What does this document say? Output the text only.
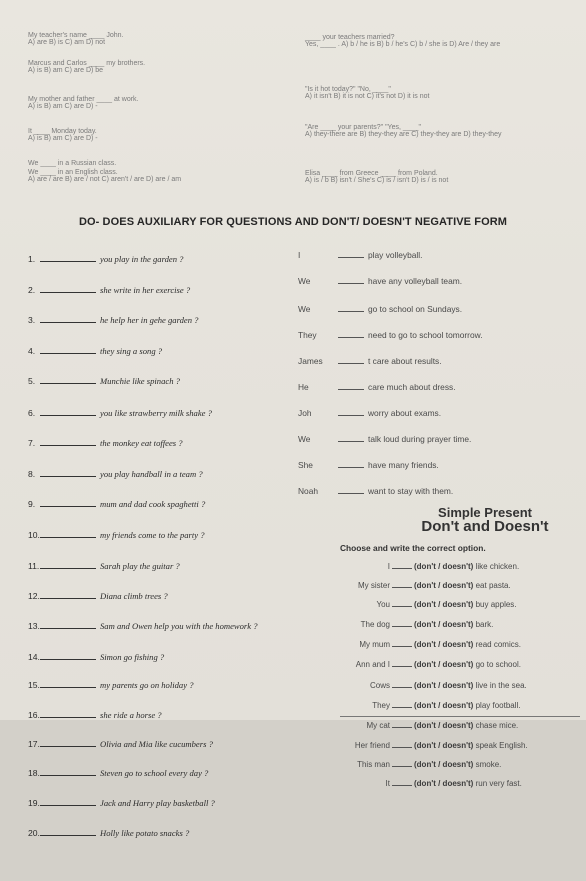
My teacher's name ____ John.
A) are B) is C) am D) not
Marcus and Carlos ____ my brothers.
A) is B) am C) are D) be
My mother and father ____ at work.
A) is B) am C) are D) -
It ____ Monday today.
A) is B) am C) are D) -
We ____ in a Russian class.
We ____ in an English class.
A) are / are B) are / not C) aren't / are D) are / am
____ your teachers married?
Yes, ____ . A) b / he is B) b / he's C) b / she is D) Are / they are
"Is it hot today?" "No, ____"
A) it isn't B) it is not C) it's not D) it is not
"Are ____ your parents?" "Yes, ____"
A) they-there are B) they-they are C) they-they are D) they-they
Elisa ____ from Greece ____ from Poland.
A) is / b B) isn't / She's C) is / isn't D) is / is not
DO- DOES AUXILIARY FOR QUESTIONS AND DON'T/ DOESN'T NEGATIVE FORM
1.	you play in the garden ?
2.	she write in her exercise ?
3.	he help her in gehe garden ?
4.	they sing a song ?
5.	Munchie like spinach ?
6.	you like strawberry milk shake ?
7.	the monkey eat toffees ?
8.	you play handball in a team ?
9.	mum and dad cook spaghetti ?
10.	my friends come to the party ?
11.	Sarah play the guitar ?
12.	Diana climb trees ?
13.	Sam and Owen help you with the homework ?
14.	Simon go fishing ?
15.	my parents go on holiday ?
16.	she ride a horse ?
17.	Olivia and Mia like cucumbers ?
18.	Steven go to school every day ?
19.	Jack and Harry play basketball ?
20.	Holly like potato snacks ?
I	play volleyball.
We	have any volleyball team.
We	go to school on Sundays.
They	need to go to school tomorrow.
James	t care about results.
He	care much about dress.
Joh	worry about exams.
We	talk loud during prayer time.
She	have many friends.
Noah	want to stay with them.
Simple Present
Don't and Doesn't
Choose and write the correct option.
I	(don't / doesn't) like chicken.
My sister	(don't / doesn't) eat pasta.
You	(don't / doesn't) buy apples.
The dog	(don't / doesn't) bark.
My mum	(don't / doesn't) read comics.
Ann and I	(don't / doesn't) go to school.
Cows	(don't / doesn't) live in the sea.
They	(don't / doesn't) play football.
My cat	(don't / doesn't) chase mice.
Her friend	(don't / doesn't) speak English.
This man	(don't / doesn't) smoke.
It	(don't / doesn't) run very fast.
